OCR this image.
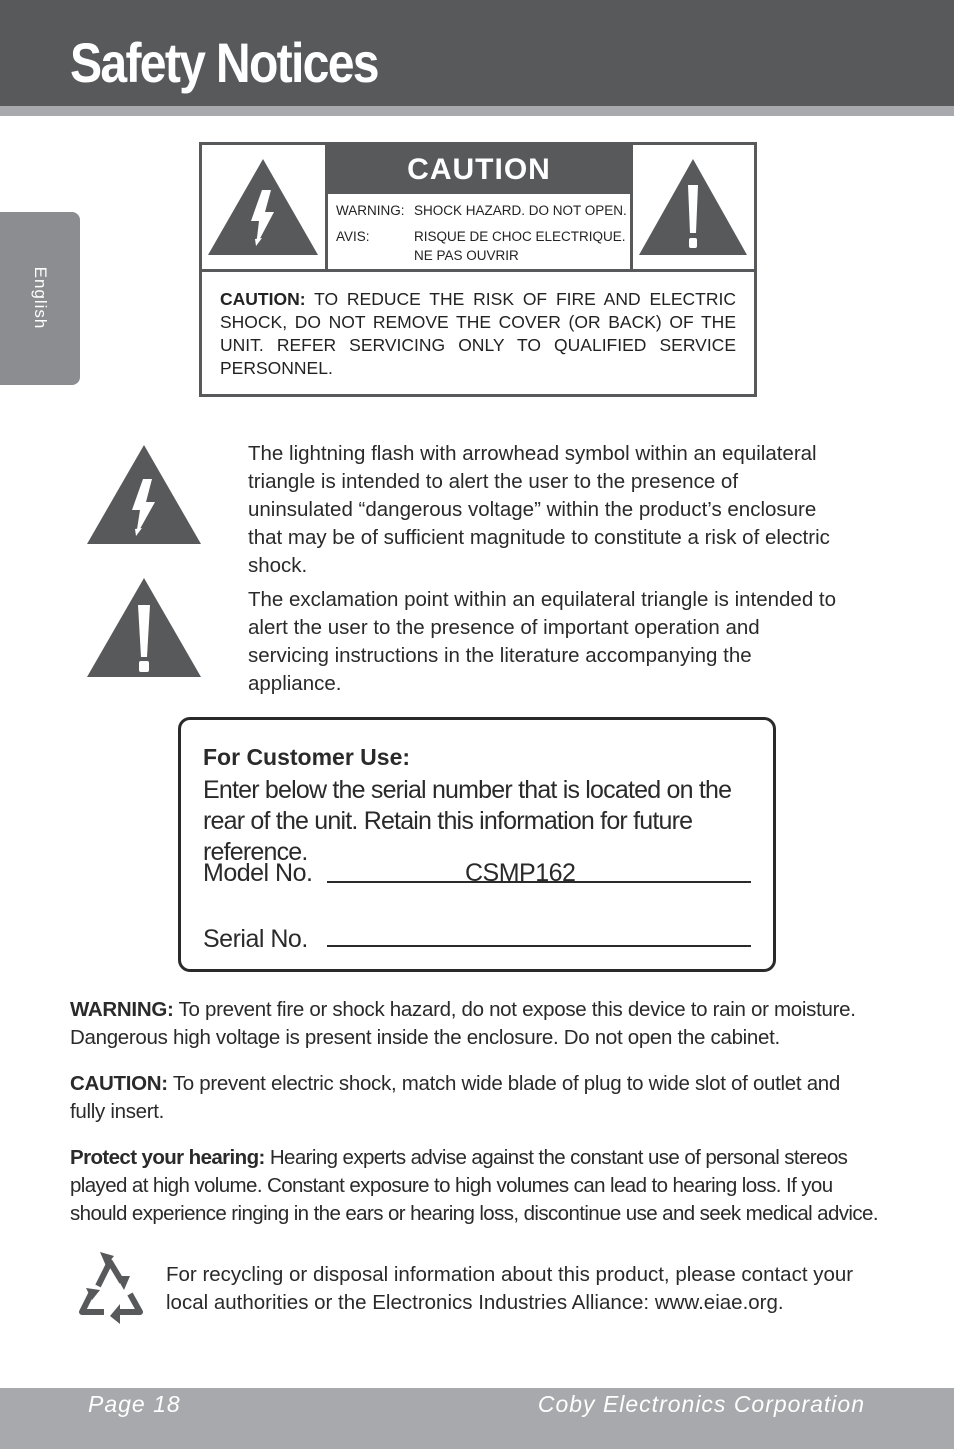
Safety Notices
English
CAUTION
WARNING: SHOCK HAZARD. DO NOT OPEN.
AVIS:	RISQUE DE CHOC ELECTRIQUE.
NE PAS OUVRIR
CAUTION: TO REDUCE THE RISK OF FIRE AND ELECTRIC SHOCK, DO NOT REMOVE THE COVER (OR BACK) OF THE UNIT. REFER SERVICING ONLY TO QUALIFIED SERVICE PERSONNEL.

The lightning flash with arrowhead symbol within an equilateral triangle is intended to alert the user to the presence of uninsulated “dangerous voltage” within the product’s enclosure that may be of sufficient magnitude to constitute a risk of electric shock.

The exclamation point within an equilateral triangle is intended to alert the user to the presence of important operation and servicing instructions in the literature accompanying the appliance.

For Customer Use:
Enter below the serial number that is located on the rear of the unit. Retain this information for future reference.
Model No.	CSMP162
Serial No.

WARNING: To prevent fire or shock hazard, do not expose this device to rain or moisture. Dangerous high voltage is present inside the enclosure. Do not open the cabinet.

CAUTION: To prevent electric shock, match wide blade of plug to wide slot of outlet and fully insert.

Protect your hearing: Hearing experts advise against the constant use of personal stereos played at high volume. Constant exposure to high volumes can lead to hearing loss. If you should experience ringing in the ears or hearing loss, discontinue use and seek medical advice.

For recycling or disposal information about this product, please contact your local authorities or the Electronics Industries Alliance: www.eiae.org.

Page 18	Coby Electronics Corporation
